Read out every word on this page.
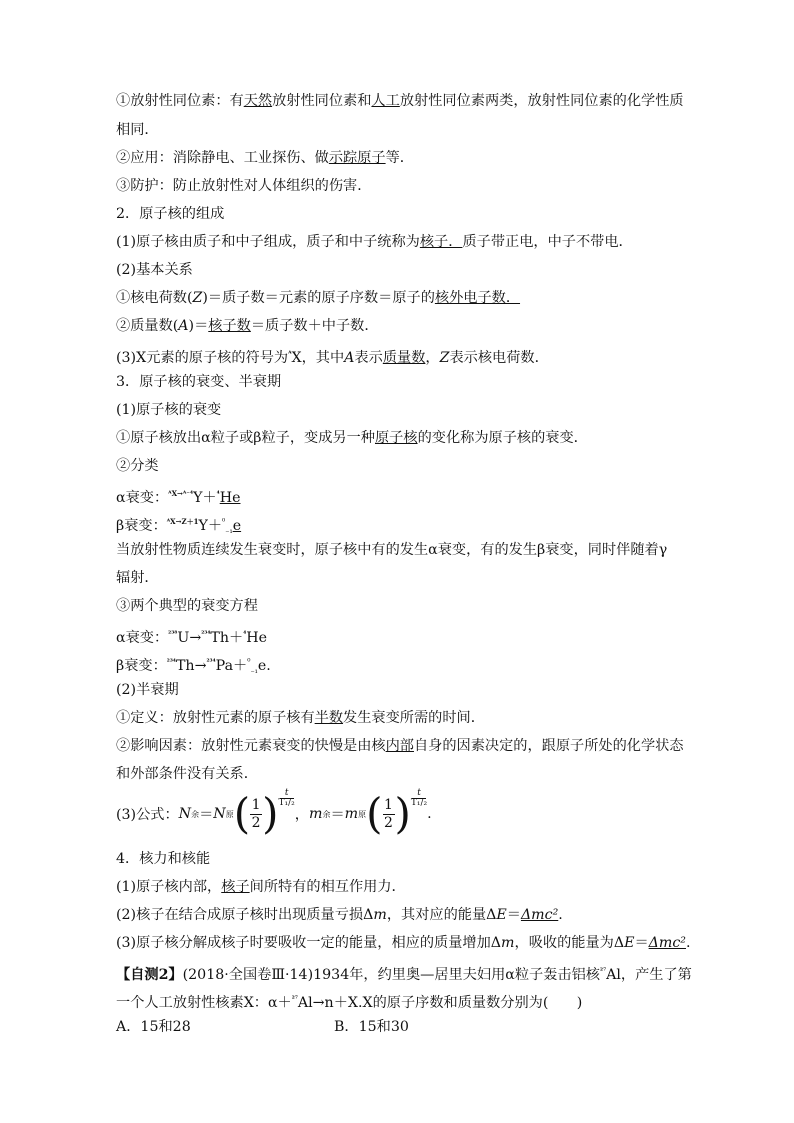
①放射性同位素：有天然放射性同位素和人工放射性同位素两类，放射性同位素的化学性质
相同．
②应用：消除静电、工业探伤、做示踪原子等．
③防护：防止放射性对人体组织的伤害．
2．原子核的组成
(1)原子核由质子和中子组成，质子和中子统称为核子．质子带正电，中子不带电．
(2)基本关系
①核电荷数(Z)＝质子数＝元素的原子序数＝原子的核外电子数．
②质量数(A)＝核子数＝质子数＋中子数．
(3)X元素的原子核的符号为$^ᴬ$X，其中A表示质量数，Z表示核电荷数．
3．原子核的衰变、半衰期
(1)原子核的衰变
①原子核放出α粒子或β粒子，变成另一种原子核的变化称为原子核的衰变．
②分类
α衰变：$^{ᴬX\to ᴬ^{-4}}$Y＋$^{^4}$He
β衰变：$^{ᴬX\to Z+1}$Y＋$^{^0}_{_{-1}}$e
当放射性物质连续发生衰变时，原子核中有的发生α衰变，有的发生β衰变，同时伴随着γ
辐射．
③两个典型的衰变方程
α衰变：$^{^{238}}$U→$^{^{234}}$Th＋$^{^4}$He
β衰变：$^{^{234}}$Th→$^{^{234}}$Pa＋$^{^0}_{_{-1}}$e.
(2)半衰期
①定义：放射性元素的原子核有半数发生衰变所需的时间．
②影响因素：放射性元素衰变的快慢是由核内部自身的因素决定的，跟原子所处的化学状态
和外部条件没有关系．
(3)公式： N 余 ＝ N 原 ( $\frac{1}{2}$ ) t
T₁/₂
， m 余 ＝ m 原 ( $\frac{1}{2}$ ) t
T₁/₂
.
4．核力和核能
(1)原子核内部，核子间所特有的相互作用力．
(2)核子在结合成原子核时出现质量亏损Δm，其对应的能量ΔE＝Δmc².
(3)原子核分解成核子时要吸收一定的能量，相应的质量增加Δm，吸收的能量为ΔE＝Δmc².
【自测2】(2018·全国卷Ⅲ·14)1934年，约里奥—居里夫妇用α粒子轰击铝核$^{^{27}}$Al，产生了第
一个人工放射性核素X：α＋$^{^{27}}$Al→n＋X.X的原子序数和质量数分别为(　　)
A．15和28	B．15和30
